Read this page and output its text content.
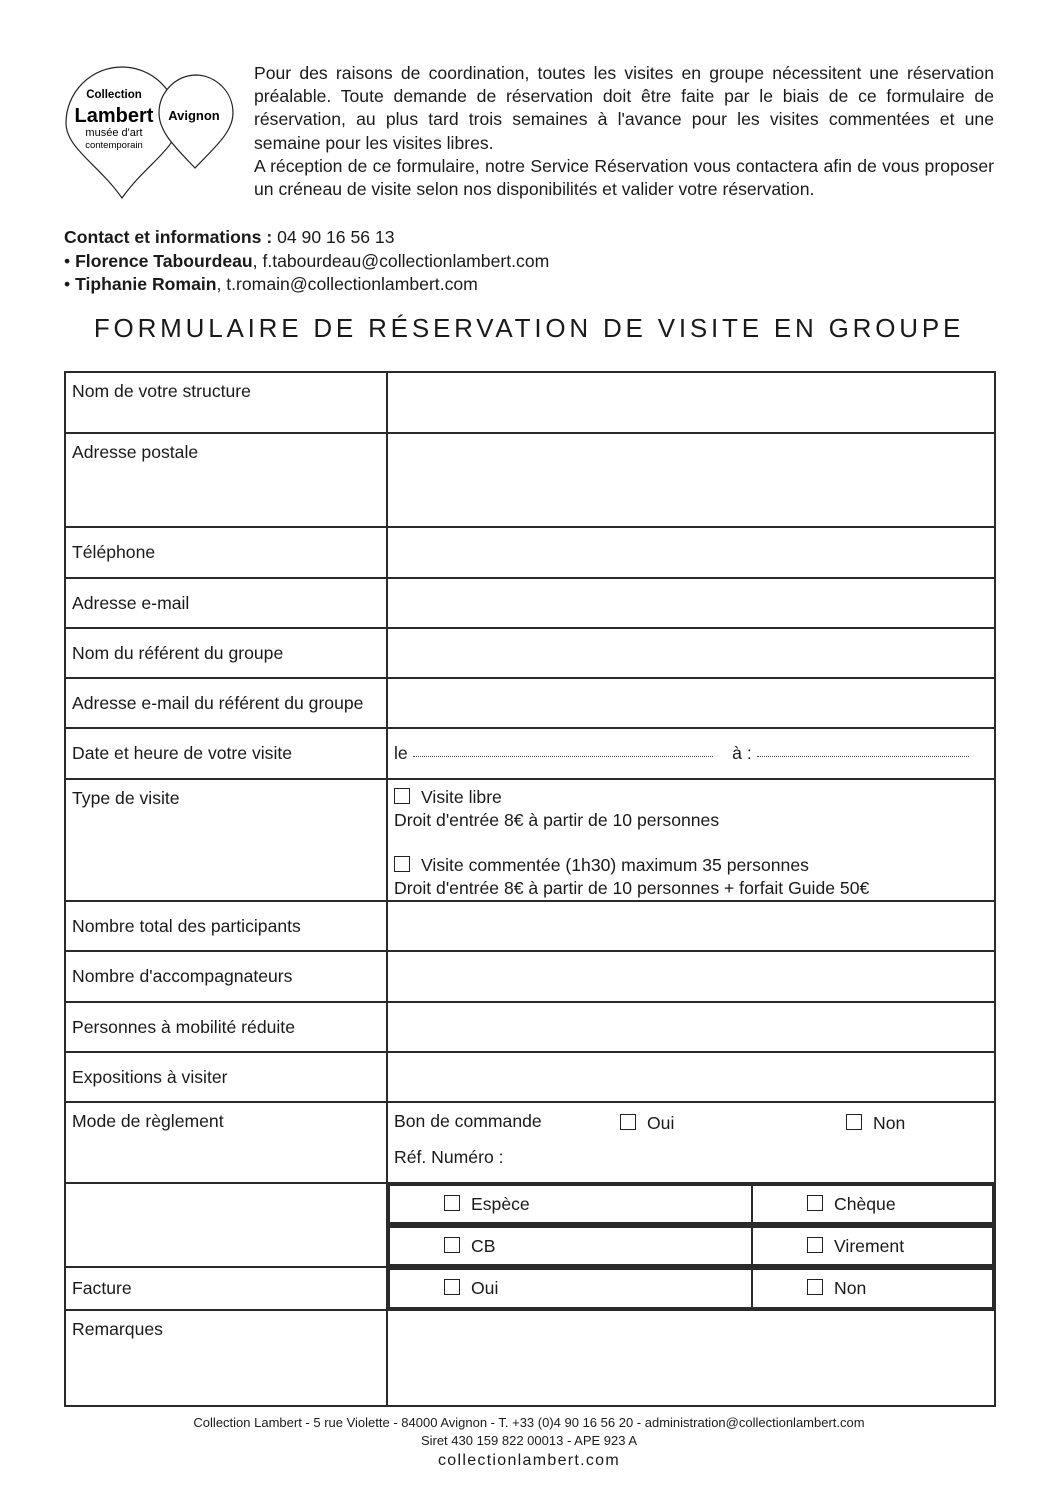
Collection
Lambert
musée d'art
contemporain
Avignon

Pour des raisons de coordination, toutes les visites en groupe nécessitent une réservation préalable. Toute demande de réservation doit être faite par le biais de ce formulaire de réservation, au plus tard trois semaines à l'avance pour les visites commentées et une semaine pour les visites libres.

A réception de ce formulaire, notre Service Réservation vous contactera afin de vous proposer un créneau de visite selon nos disponibilités et valider votre réservation.

Contact et informations : 04 90 16 56 13
• Florence Tabourdeau, f.tabourdeau@collectionlambert.com
• Tiphanie Romain, t.romain@collectionlambert.com
FORMULAIRE DE RÉSERVATION DE VISITE EN GROUPE
Nom de votre structure	
Adresse postale	
Téléphone	
Adresse e-mail	
Nom du référent du groupe	
Adresse e-mail du référent du groupe	
Date et heure de votre visite	le	à :
Type de visite	Visite libre
Droit d'entrée 8€ à partir de 10 personnes
Visite commentée (1h30) maximum 35 personnes
Droit d'entrée 8€ à partir de 10 personnes + forfait Guide 50€

Nombre total des participants	
Nombre d'accompagnateurs	
Personnes à mobilité réduite	
Expositions à visiter	
Mode de règlement	Bon de commande	Oui	Non
Réf. Numéro :

Espèce	Chèque

CB	Virement

Facture		Oui	Non

Remarques	
Collection Lambert - 5 rue Violette - 84000 Avignon - T. +33 (0)4 90 16 56 20 - administration@collectionlambert.com
Siret 430 159 822 00013 - APE 923 A
collectionlambert.com
